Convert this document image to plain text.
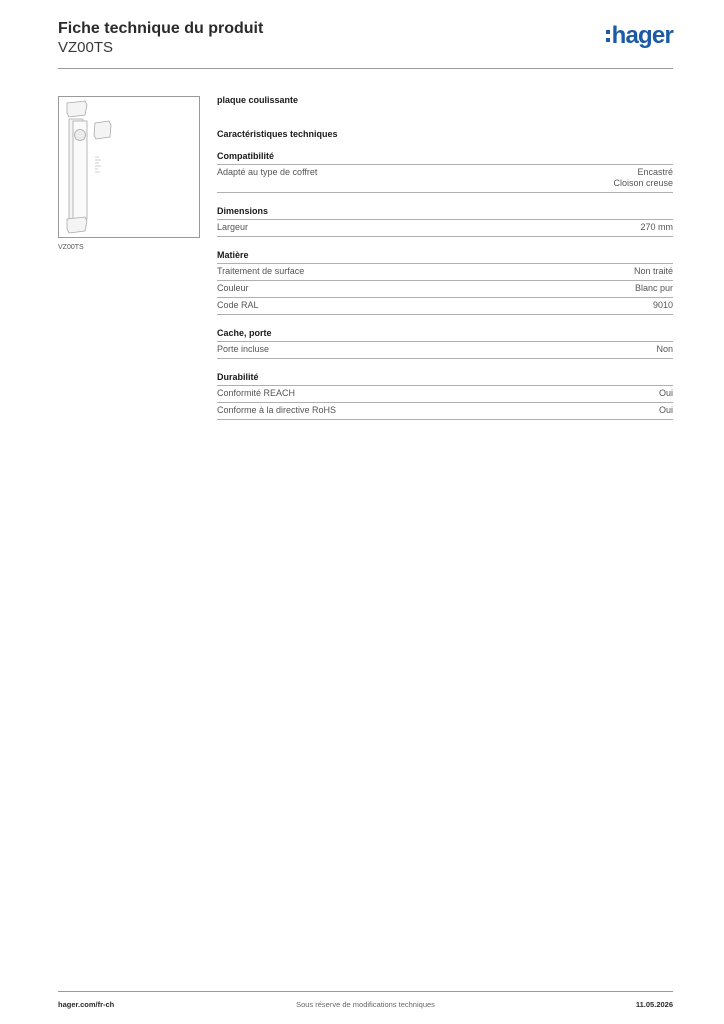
Fiche technique du produit
VZ00TS	hager
VZ00TS
plaque coulissante
Caractéristiques techniques
Compatibilité
Adapté au type de coffret	Encastré
Cloison creuse
Dimensions
Largeur	270 mm
Matière
Traitement de surface	Non traité
Couleur	Blanc pur
Code RAL	9010
Cache, porte
Porte incluse	Non
Durabilité
Conformité REACH	Oui
Conforme à la directive RoHS	Oui
hager.com/fr-ch	Sous réserve de modifications techniques	11.05.2026
